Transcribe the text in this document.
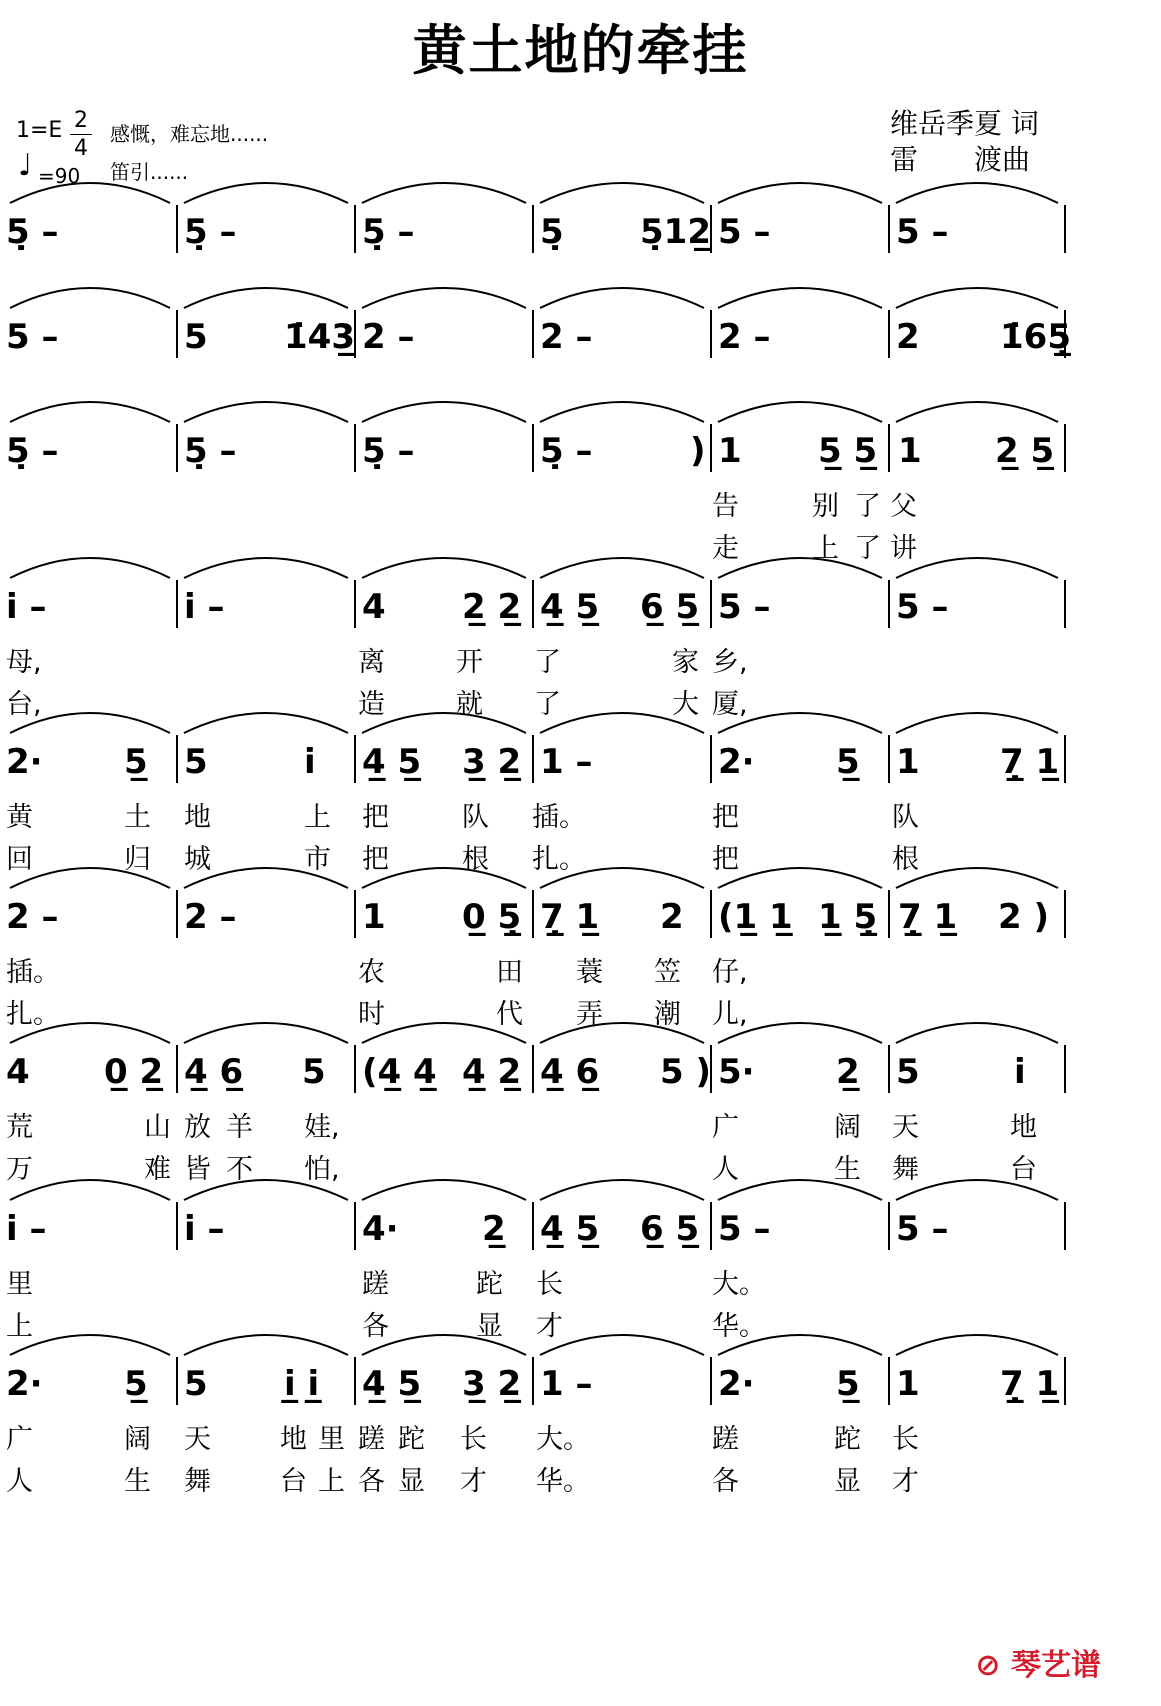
黄土地的牵挂
1=E 2
4
♩ =90
感慨，难忘地......
笛引......
维岳季夏 词
雷　　渡曲
5̣ –	5̣ –	5̣ –	5̣ 5̣12̲ 5 –	5 –
5 –	5 1̇43̲ 2 –	2 –	2 –	2 1̇65̲̣
5̣ –	5̣ –	5̣ –	5̣ –	) 1 5̲ 5̲ 1 2̲ 5̲
告	别 了 父
走	上 了 讲
i –	i –	4 2̲ 2̲ 4̲ 5̲ 6̲ 5̲ 5 –	5 –
母,	离	开 了	家 乡,
台,	造	就 了	大 厦,
2· 5̲ 5	i 4̲ 5̲ 3̲ 2̲ 1 –	2· 5̲ 1 7̲̣ 1̲
黄	土 地	上 把	队 插。	把	队
回	归 城	市 把	根 扎。	把	根
2 –	2 –	1 0̲ 5̲̣ 7̲̣ 1̲ 2 (1̲ 1̲ 1̲ 5̲̣ 7̲̣ 1̲ 2 )
插。	农	田 蓑 笠 仔,
扎。	时	代 弄 潮 儿,
4 0̲ 2̲ 4̲ 6̲ 5 (4̲ 4̲ 4̲ 2̲ 4̲ 6̲ 5 ) 5· 2̲ 5	i
荒	山 放 羊 娃,	广	阔 天	地
万	难 皆 不 怕,	人	生 舞	台
i –	i –	4· 2̲ 4̲ 5̲ 6̲ 5̲ 5 –	5 –
里	蹉	跎 长	大。
上	各	显 才	华。
2· 5̲ 5 i̲ i̲ 4̲ 5̲ 3̲ 2̲ 1 –	2· 5̲ 1 7̲̣ 1̲
广	阔 天	地 里 蹉 跎 长 大。	蹉	跎 长
人	生 舞	台 上 各 显 才 华。	各	显 才
⊘ 琴艺谱
